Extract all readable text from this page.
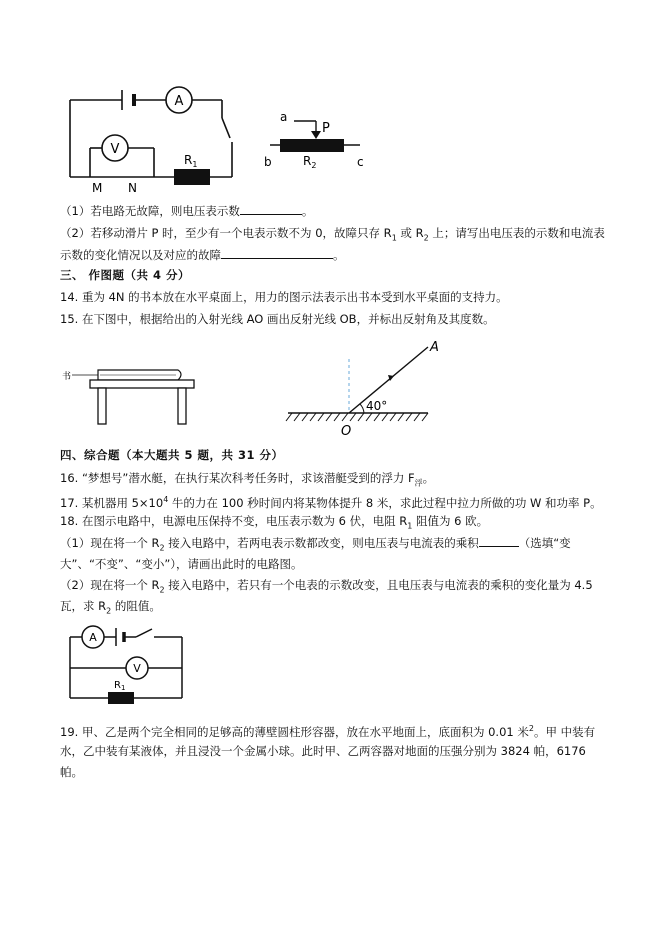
A
V
$R_1$
M N
a
P
b	c
$R_2$
（1）若电路无故障，则电压表示数	。
（2）若移动滑片 P 时，至少有一个电表示数不为 0，故障只存 $R_1$ 或 $R_2$ 上；请写出电压表的示数和电流表
示数的变化情况以及对应的故障	。
三、 作图题（共 4 分）
14. 重为 4N 的书本放在水平桌面上，用力的图示法表示出书本受到水平桌面的支持力。
15. 在下图中，根据给出的入射光线 AO 画出反射光线 OB，并标出反射角及其度数。
书
40°
A
O
四、综合题（本大题共 5 题，共 31 分）
16. “梦想号”潜水艇，在执行某次科考任务时，求该潜艇受到的浮力 $F_浮$。
17. 某机器用 $5\times 10^4$ 牛的力在 100 秒时间内将某物体提升 8 米，求此过程中拉力所做的功 W 和功率 P。
18. 在图示电路中，电源电压保持不变，电压表示数为 6 伏，电阻 $R_1$ 阻值为 6 欧。
（1）现在将一个 $R_2$ 接入电路中，若两电表示数都改变，则电压表与电流表的乘积	（选填“变
大”、“不变”、“变小”），请画出此时的电路图。
（2）现在将一个 $R_2$ 接入电路中，若只有一个电表的示数改变，且电压表与电流表的乘积的变化量为 4.5
瓦，求 $R_2$ 的阻值。
A
V
$R_1$
19. 甲、乙是两个完全相同的足够高的薄壁圆柱形容器，放在水平地面上，底面积为 0.01 米$^2$。甲 中装有
水，乙中装有某液体，并且浸没一个金属小球。此时甲、乙两容器对地面的压强分别为 3824 帕，6176
帕。
